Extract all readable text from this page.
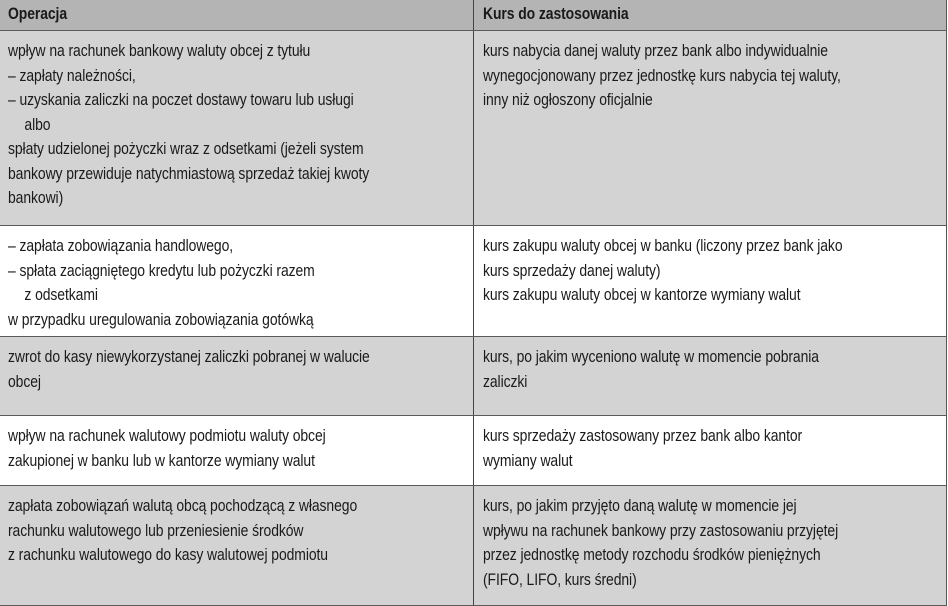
Operacja	Kurs do zastosowania
wpływ na rachunek bankowy waluty obcej z tytułu
– zapłaty należności,
– uzyskania zaliczki na poczet dostawy towaru lub usługi
albo
spłaty udzielonej pożyczki wraz z odsetkami (jeżeli system
bankowy przewiduje natychmiastową sprzedaż takiej kwoty
bankowi)
kurs nabycia danej waluty przez bank albo indywidualnie
wynegocjonowany przez jednostkę kurs nabycia tej waluty,
inny niż ogłoszony oficjalnie
– zapłata zobowiązania handlowego,
– spłata zaciągniętego kredytu lub pożyczki razem
z odsetkami
w przypadku uregulowania zobowiązania gotówką
kurs zakupu waluty obcej w banku (liczony przez bank jako
kurs sprzedaży danej waluty)
kurs zakupu waluty obcej w kantorze wymiany walut
zwrot do kasy niewykorzystanej zaliczki pobranej w walucie
obcej
kurs, po jakim wyceniono walutę w momencie pobrania
zaliczki
wpływ na rachunek walutowy podmiotu waluty obcej
zakupionej w banku lub w kantorze wymiany walut
kurs sprzedaży zastosowany przez bank albo kantor
wymiany walut
zapłata zobowiązań walutą obcą pochodzącą z własnego
rachunku walutowego lub przeniesienie środków
z rachunku walutowego do kasy walutowej podmiotu
kurs, po jakim przyjęto daną walutę w momencie jej
wpływu na rachunek bankowy przy zastosowaniu przyjętej
przez jednostkę metody rozchodu środków pieniężnych
(FIFO, LIFO, kurs średni)
